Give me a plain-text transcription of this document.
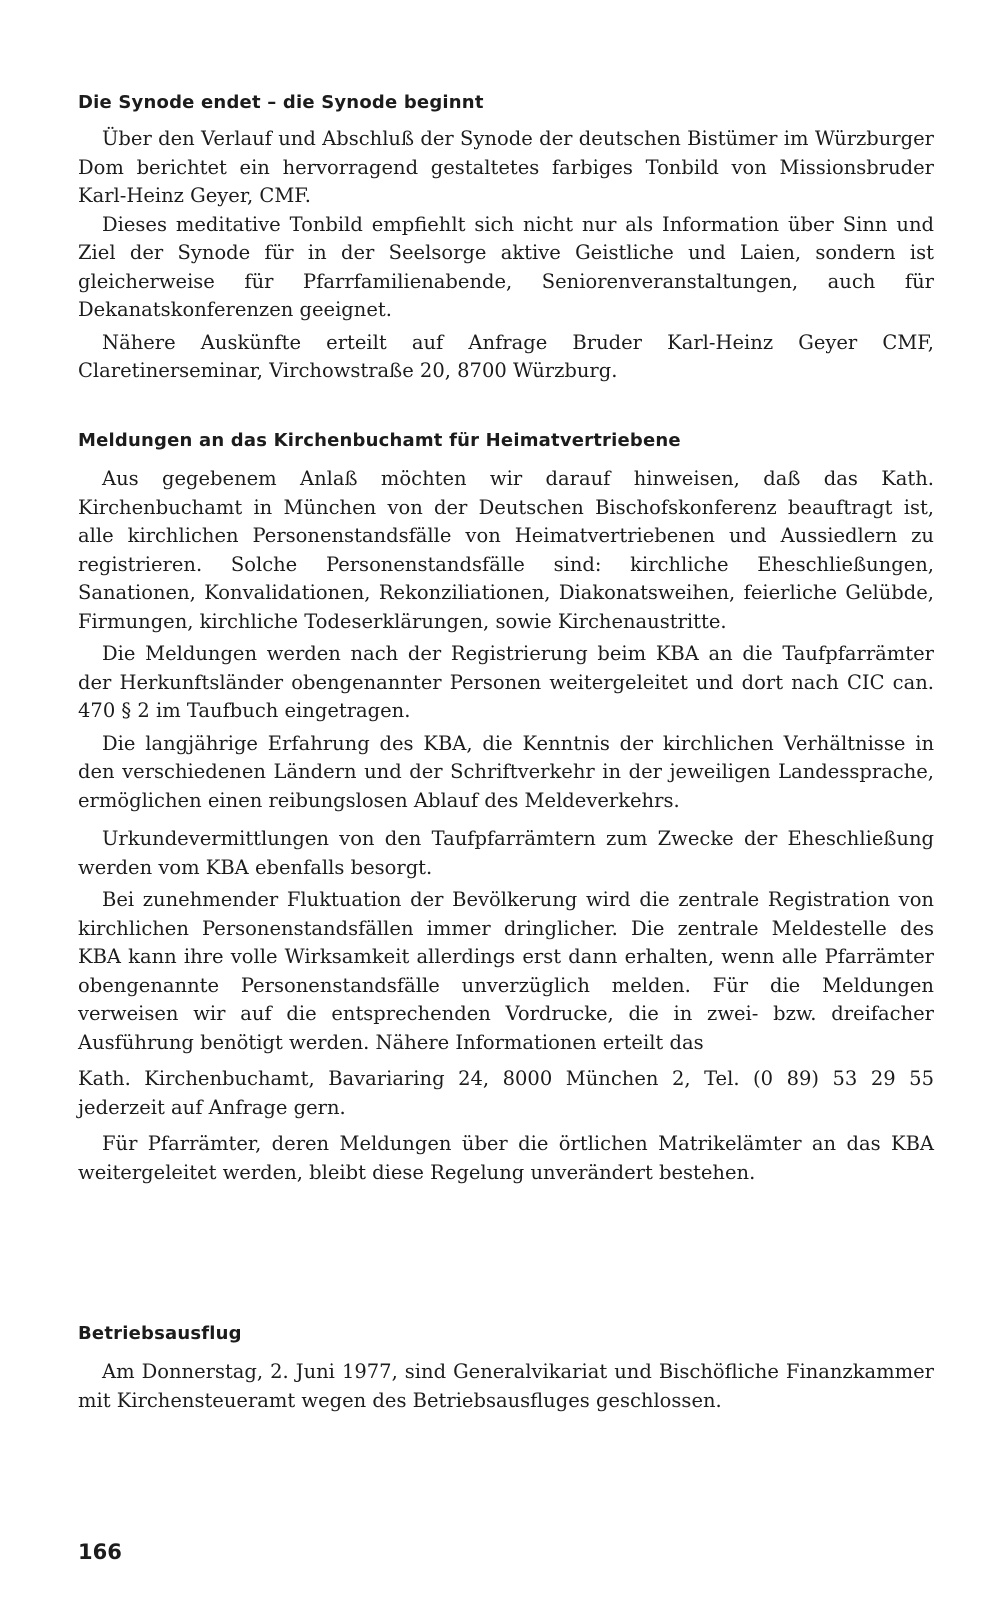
Die Synode endet – die Synode beginnt

Über den Verlauf und Abschluß der Synode der deutschen Bistümer im Würzburger Dom berichtet ein hervorragend gestaltetes farbiges Tonbild von Missionsbruder Karl-Heinz Geyer, CMF.

Dieses meditative Tonbild empfiehlt sich nicht nur als Information über Sinn und Ziel der Synode für in der Seelsorge aktive Geistliche und Laien, sondern ist gleicherweise für Pfarrfamilienabende, Seniorenveranstaltungen, auch für Dekanatskonferenzen geeignet.

Nähere Auskünfte erteilt auf Anfrage Bruder Karl-Heinz Geyer CMF, Claretinerseminar, Virchowstraße 20, 8700 Würzburg.

Meldungen an das Kirchenbuchamt für Heimatvertriebene

Aus gegebenem Anlaß möchten wir darauf hinweisen, daß das Kath. Kirchenbuchamt in München von der Deutschen Bischofskonferenz beauftragt ist, alle kirchlichen Personenstandsfälle von Heimatvertriebenen und Aussiedlern zu registrieren. Solche Personenstandsfälle sind: kirchliche Eheschließungen, Sanationen, Konvalidationen, Rekonziliationen, Diakonatsweihen, feierliche Gelübde, Firmungen, kirchliche Todeserklärungen, sowie Kirchenaustritte.

Die Meldungen werden nach der Registrierung beim KBA an die Taufpfarrämter der Herkunftsländer obengenannter Personen weitergeleitet und dort nach CIC can. 470 § 2 im Taufbuch eingetragen.

Die langjährige Erfahrung des KBA, die Kenntnis der kirchlichen Verhältnisse in den verschiedenen Ländern und der Schriftverkehr in der jeweiligen Landessprache, ermöglichen einen reibungslosen Ablauf des Meldeverkehrs.

Urkundevermittlungen von den Taufpfarrämtern zum Zwecke der Eheschließung werden vom KBA ebenfalls besorgt.

Bei zunehmender Fluktuation der Bevölkerung wird die zentrale Registration von kirchlichen Personenstandsfällen immer dringlicher. Die zentrale Meldestelle des KBA kann ihre volle Wirksamkeit allerdings erst dann erhalten, wenn alle Pfarrämter obengenannte Personenstandsfälle unverzüglich melden. Für die Meldungen verweisen wir auf die entsprechenden Vordrucke, die in zwei- bzw. dreifacher Ausführung benötigt werden. Nähere Informationen erteilt das

Kath. Kirchenbuchamt, Bavariaring 24, 8000 München 2, Tel. (0 89) 53 29 55 jederzeit auf Anfrage gern.

Für Pfarrämter, deren Meldungen über die örtlichen Matrikelämter an das KBA weitergeleitet werden, bleibt diese Regelung unverändert bestehen.

Betriebsausflug

Am Donnerstag, 2. Juni 1977, sind Generalvikariat und Bischöfliche Finanzkammer mit Kirchensteueramt wegen des Betriebsausfluges geschlossen.

166
